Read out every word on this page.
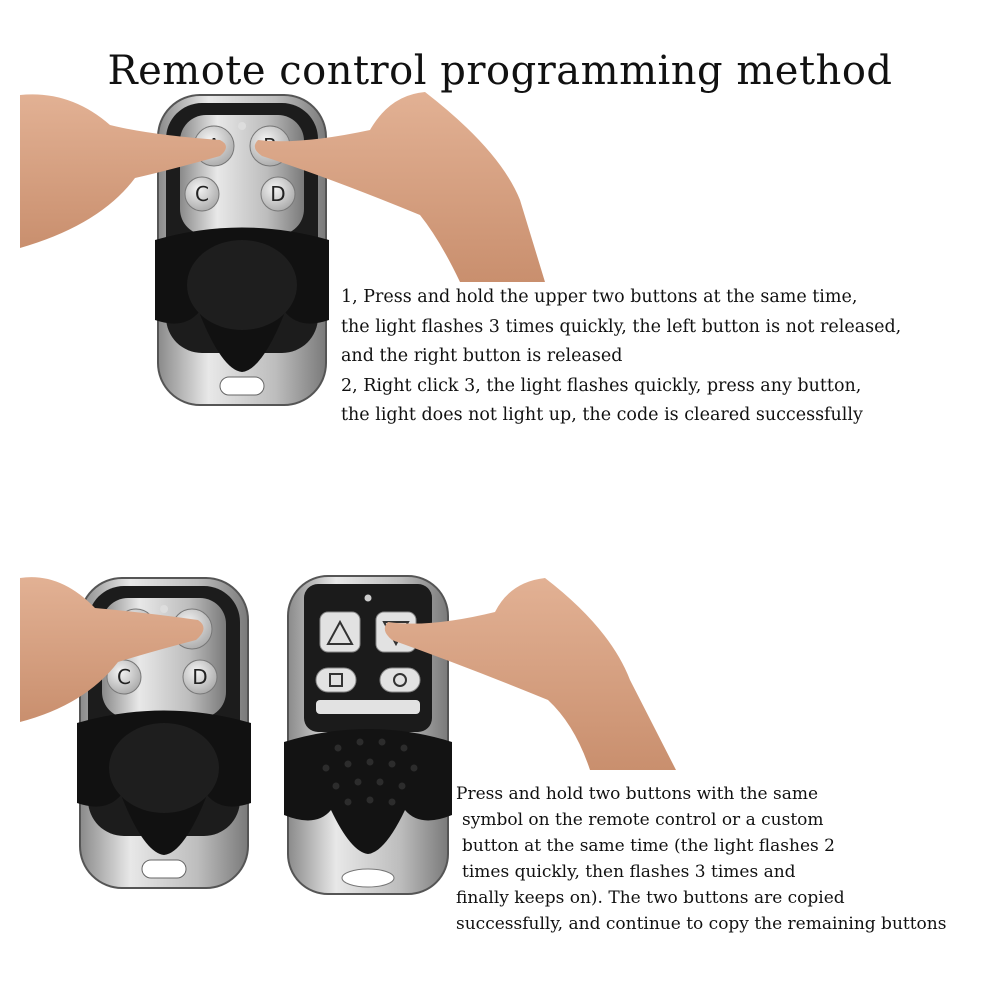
Remote control programming method
C	D
C	D
1, Press and hold the upper two buttons at the same time,
the light flashes 3 times quickly, the left button is not released,
and the right button is released
2, Right click 3, the light flashes quickly, press any button,
the light does not light up, the code is cleared successfully
Press and hold two buttons with the same
symbol on the remote control or a custom
button at the same time (the light flashes 2
times quickly, then flashes 3 times and
finally keeps on). The two buttons are copied
successfully, and continue to copy the remaining buttons
